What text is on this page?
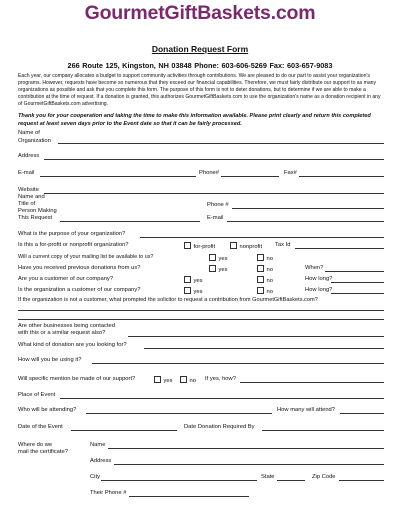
GourmetGiftBaskets.com
Donation Request Form
266 Route 125, Kingston, NH 03848 Phone: 603-606-5269 Fax: 603-657-9083
Each year, our company allocates a budget to support community activities through contributions. We are pleased to do our part to assist your organization's programs. However, requests have become so numerous that they exceed our financial capabilities. Therefore, we must fairly distribute our support to as many organizations as possible and ask that you complete this form. The purpose of this form is not to deter donations, but to determine if we are able to make a contribution at the time of request. If a donation is granted, this authorizes GourmetGiftBaskets.com to use the organization's name as a donation recipient in any of GourmetGiftBaskets.com advertising.
Thank you for your cooperation and taking the time to make this information available. Please print clearly and return this completed request at least seven days prior to the Event date so that it can be fairly processed.
Name of
Organization
Address
E-mail	Phone#	Fax#
Website
Name and
Title of
Person Making
This Request
Phone #
E-mail
What is the purpose of your organization?
Is this a for-profit or nonprofit organization?	for-profit	nonprofit Tax Id
Will a current copy of your mailing list be available to us?	yes	no
Have you received previous donations from us?	yes	no	When?
Are you a customer of our company?	yes	no	How long?
Is the organization a customer of our company?	yes	no	How long?
If the organization is not a customer, what prompted the solicitor to request a contribution from GourmetGiftBaskets.com?
Are other businesses being contacted
with this or a similar request also?
What kind of donation are you looking for?
How will you be using it?
Will specific mention be made of our support?	yes	no If yes, how?
Place of Event
Who will be attending?	How many will attend?
Date of the Event	Date Donation Required By
Where do we
mail the certificate?
Name
Address
City	State	Zip Code
Their Phone #
